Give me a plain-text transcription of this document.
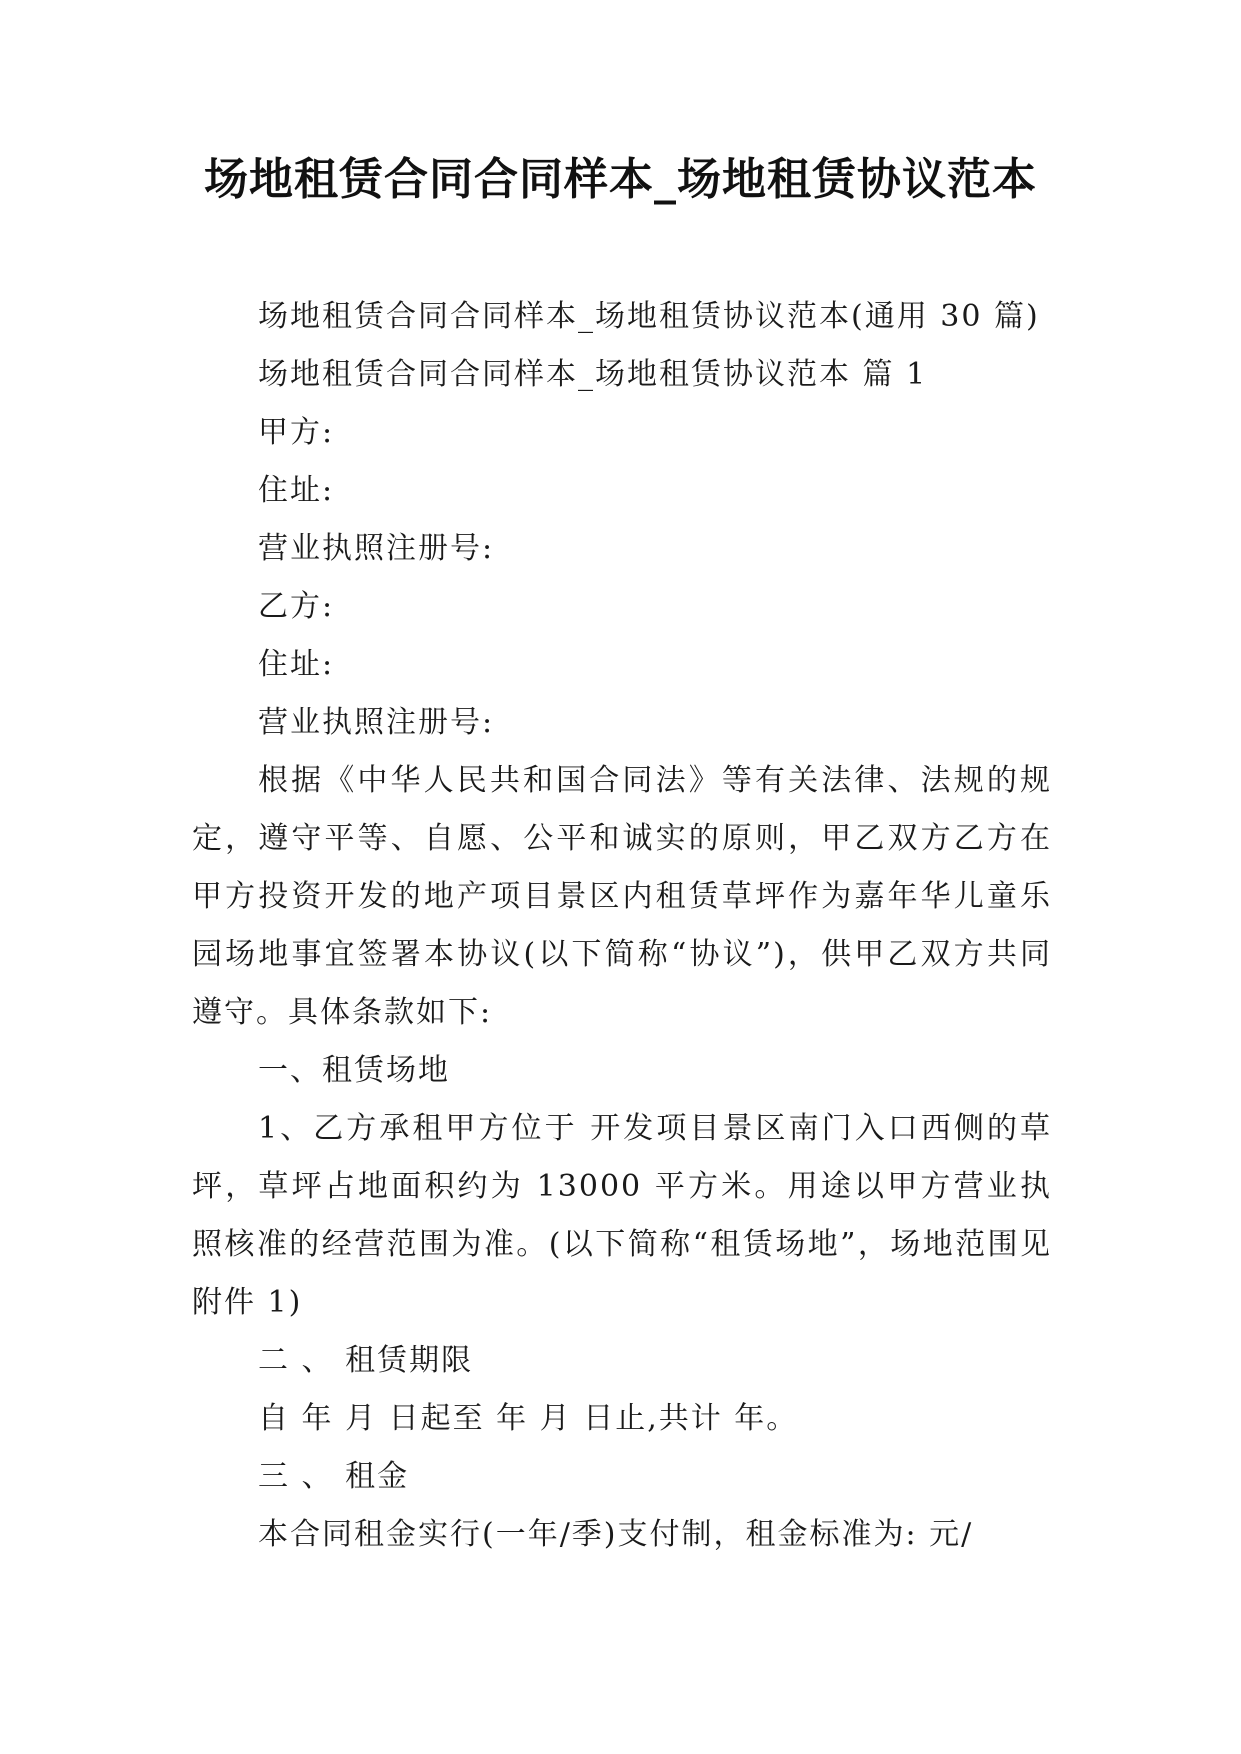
场地租赁合同合同样本_场地租赁协议范本

场地租赁合同合同样本_场地租赁协议范本(通用 30 篇)

场地租赁合同合同样本_场地租赁协议范本 篇 1

甲方:

住址:

营业执照注册号:

乙方:

住址:

营业执照注册号:

根据《中华人民共和国合同法》等有关法律、法规的规定，遵守平等、自愿、公平和诚实的原则，甲乙双方乙方在甲方投资开发的地产项目景区内租赁草坪作为嘉年华儿童乐园场地事宜签署本协议(以下简称“协议”)，供甲乙双方共同遵守。具体条款如下:

一、租赁场地

1、乙方承租甲方位于 开发项目景区南门入口西侧的草坪，草坪占地面积约为 13000 平方米。用途以甲方营业执照核准的经营范围为准。(以下简称“租赁场地”，场地范围见附件 1)

二 、 租赁期限

自 年 月 日起至 年 月 日止,共计 年。

三 、 租金

本合同租金实行(一年/季)支付制，租金标准为: 元/
